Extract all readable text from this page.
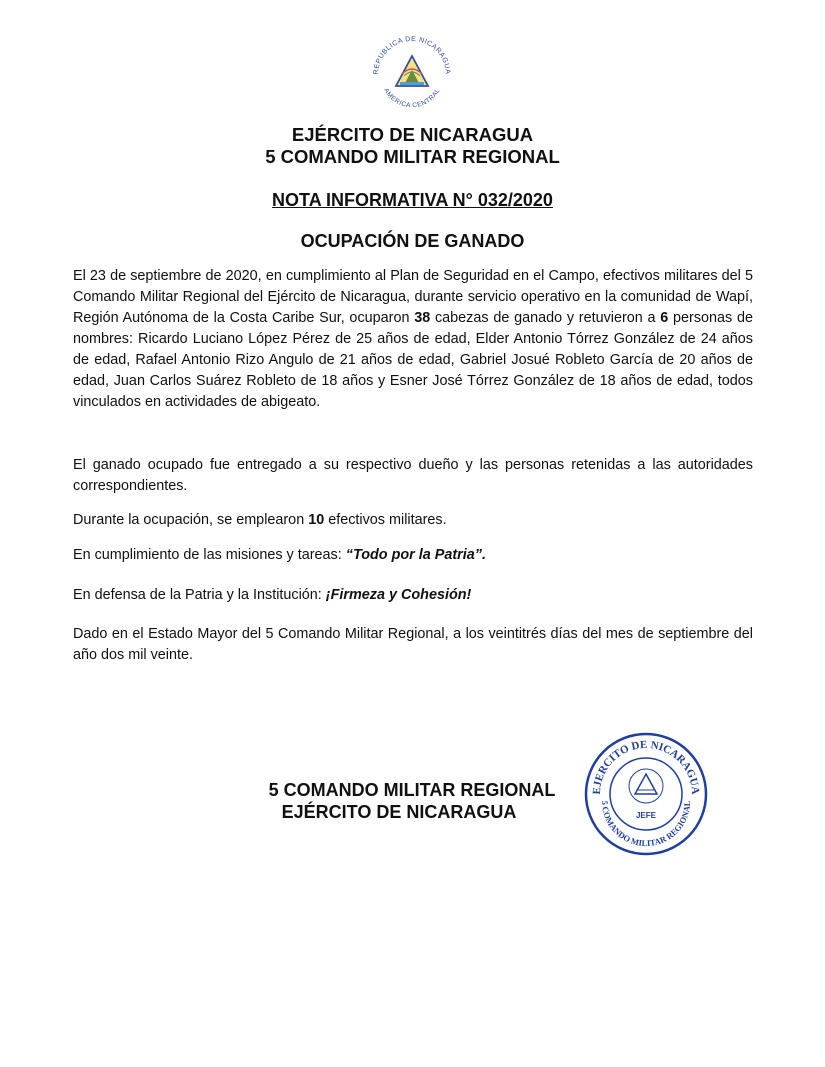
REPUBLICA DE NICARAGUA
AMERICA CENTRAL
EJÉRCITO DE NICARAGUA
5 COMANDO MILITAR REGIONAL
NOTA INFORMATIVA N° 032/2020
OCUPACIÓN DE GANADO

El 23 de septiembre de 2020, en cumplimiento al Plan de Seguridad en el Campo, efectivos militares del 5 Comando Militar Regional del Ejército de Nicaragua, durante servicio operativo en la comunidad de Wapí, Región Autónoma de la Costa Caribe Sur, ocuparon 38 cabezas de ganado y retuvieron a 6 personas de nombres: Ricardo Luciano López Pérez de 25 años de edad, Elder Antonio Tórrez González de 24 años de edad, Rafael Antonio Rizo Angulo de 21 años de edad, Gabriel Josué Robleto García de 20 años de edad, Juan Carlos Suárez Robleto de 18 años y Esner José Tórrez González de 18 años de edad, todos vinculados en actividades de abigeato.

El ganado ocupado fue entregado a su respectivo dueño y las personas retenidas a las autoridades correspondientes.

Durante la ocupación, se emplearon 10 efectivos militares.

En cumplimiento de las misiones y tareas: “Todo por la Patria”.

En defensa de la Patria y la Institución: ¡Firmeza y Cohesión!

Dado en el Estado Mayor del 5 Comando Militar Regional, a los veintitrés días del mes de septiembre del año dos mil veinte.

5 COMANDO MILITAR REGIONAL
EJÉRCITO DE NICARAGUA
EJERCITO DE NICARAGUA
5 COMANDO MILITAR REGIONAL
JEFE
